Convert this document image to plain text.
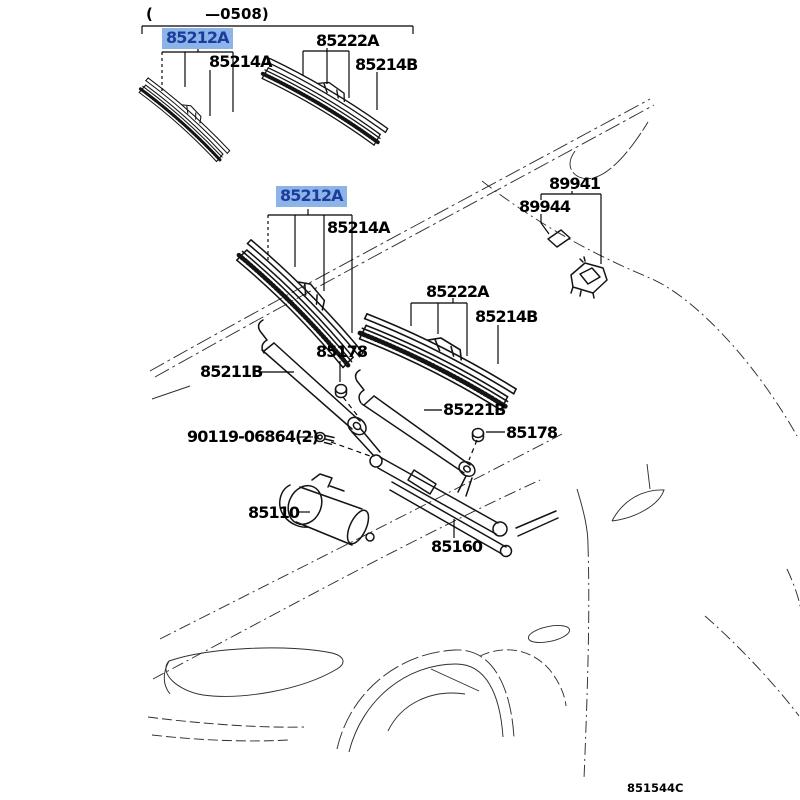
(          —0508)
85212A
85214A
85222A
85214B
85212A
85214A
89941
89944
85222A
85214B
85178
85211B
85221B
85178
90119-06864(2)
85110
85160
851544C
